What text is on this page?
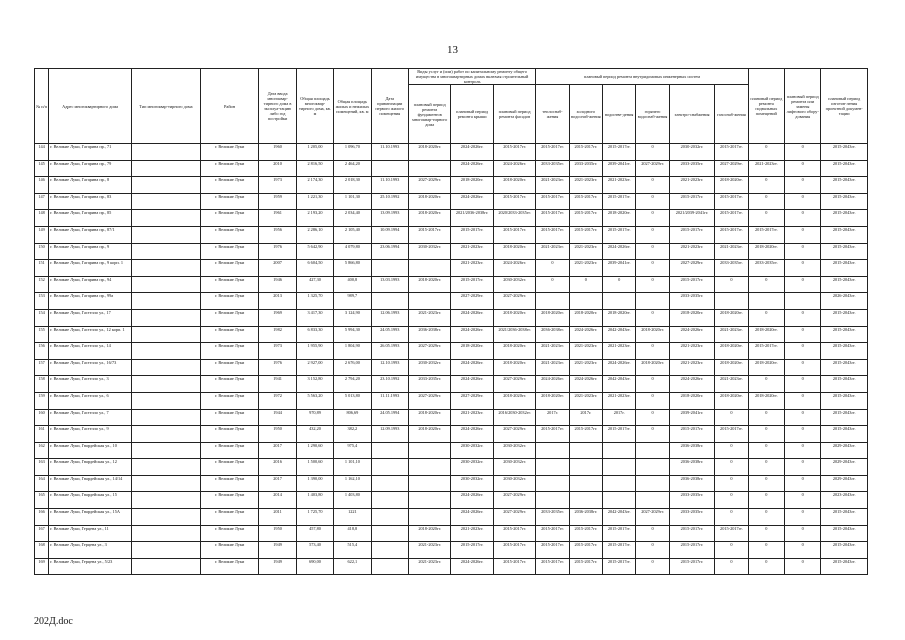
13
№ п/п	Адрес многоквартирного дома	Тип многоквар-тирного дома	Район	Дата ввода многоквар-тирного дома в эксплуа-тацию либо год постройки	Общая площадь многоквар-тирного дома, кв. м	Общая площадь жилых и нежилых помещений, кв. м	Дата приватизации первого жилого помещения	Виды услуг и (или) работ по капитальному ремонту общего имущества в многоквартирных домах включая строительный контроль			плановый период ремонта внутридомовых инженерных систем						плановый период ремонта подвальных помещений	плановый период ремонта или замены лифтового обору-дования	плановый период изготов-ления проектной докумен-тации
								плановый период ремонта фундаментов многоквар-тирного дома	плановый период ремонта крыши	плановый период ремонта фасадов	теплоснаб-жения	холодного водоснаб-жения	водоотве-дения	горячего водоснаб-жения	электро-снабжения	газоснаб-жения			
144	г. Великие Луки, Гагарина пр., 71		г. Великие Луки	1960	1 205,00	1 096,70	11.10.1993	2018-2020гг.	2024-2026гг.	2015-2017гг.	2015-2017гг.	2015-2017гг.	2015-2017гг.	0	2030-2032гг.	2015-2017гг.	0	0	2015-2043гг.
145	г. Великие Луки, Гагарина пр., 79		г. Великие Луки	2010	2 816,50	2 464,20			2024-2026гг.	2024-2026гг.	2033-2035гг.	2033-2035гг.	2039-2041гг.	2027-2029гг.	2033-2035гг.	2027-2029гг.	2021-2023гг.	0	2015-2043гг.
146	г. Великие Луки, Гагарина пр., 8		г. Великие Луки	1973	2 174,30	2 018,30	11.10.1993	2027-2029гг.	2018-2020гг.	2018-2020гг.	2021-2023гг.	2021-2023гг.	2021-2023гг.	0	2021-2023гг.	2018-2020гг.	0	0	2015-2043гг.
147	г. Великие Луки, Гагарина пр., 83		г. Великие Луки	1959	1 221,30	1 101,30	25.10.1992	2018-2020гг.	2024-2026гг.	2015-2017гг.	2015-2017гг.	2015-2017гг.	2015-2017гг.	0	2015-2017гг.	2015-2017гг.	0	0	2015-2043гг.
148	г. Великие Луки, Гагарина пр., 85		г. Великие Луки	1961	2 193,20	2 034,40	13.09.1993	2018-2020гг.	2021/2036-2038гг.	2020/2033-2035гг.	2015-2017гг.	2015-2017гг.	2018-2020гг.	0	2021/2039-2041гг.	2015-2017гг.	0	0	2015-2043гг.
149	г. Великие Луки, Гагарина пр., 87/1		г. Великие Луки	1956	2 286,10	2 105,40	10.09.1994	2015-2017гг.	2015-2017гг.	2015-2017гг.	2015-2017гг.	2015-2017гг.	2015-2017гг.	0	2015-2017гг.	2015-2017гг.	2015-2017гг.	0	2015-2043гг.
150	г. Великие Луки, Гагарина пр., 9		г. Великие Луки	1976	5 642,90	4 079,80	23.06.1994	2030-2032гг.	2021-2023гг.	2018-2020гг.	2021-2023гг.	2021-2023гг.	2024-2026гг.	0	2021-2023гг.	2021-2023гг.	2018-2020гг.	0	2015-2043гг.
151	г. Великие Луки, Гагарина пр., 9 корп. 1		г. Великие Луки	2007	6 604,50	5 866,80			2021-2023гг.	2024-2026гг.	0	2021-2023гг.	2039-2041гг.	0	2027-2029гг.	2033-2035гг.	2033-2035гг.	0	2015-2043гг.
152	г. Великие Луки, Гагарина пр., 94		г. Великие Луки	1946	427,30	400,8	13.03.1993	2018-2020гг.	2015-2017гг.	2030-2032гг.	0	0	0	0	2015-2017гг.	0	0	0	2015-2043гг.
153	г. Великие Луки, Гагарина пр., 99а		г. Великие Луки	2013	1 325,70	989,7			2027-2029гг.	2027-2029гг.					2033-2035гг.				2026-2043гг.
154	г. Великие Луки, Гастелло ул., 17		г. Великие Луки	1969	3 417,30	3 124,90	12.06.1993	2021-2023гг.	2024-2026гг.	2018-2020гг.	2018-2020гг.	2018-2020гг.	2018-2020гг.	0	2018-2020гг.	2018-2020гг.	0	0	2015-2043гг.
155	г. Великие Луки, Гастелло ул., 12 корп. 1		г. Великие Луки	1982	6 833,30	5 994,30	24.05.1993	2036-2038гг.	2024-2026гг.	2021/2036-2038гг.	2036-2038гг.	2024-2026гг.	2042-2043гг.	2018-2020гг.	2024-2026гг.	2021-2023гг.	2018-2020гг.	0	2015-2043гг.
156	г. Великие Луки, Гастелло ул., 14		г. Великие Луки	1973	1 955,90	1 804,90	26.05.1993	2027-2029гг.	2018-2020гг.	2018-2020гг.	2021-2023гг.	2021-2023гг.	2021-2023гг.	0	2021-2023гг.	2018-2020гг.	2015-2017гг.	0	2015-2043гг.
157	г. Великие Луки, Гастелло ул., 16/73		г. Великие Луки	1976	2 927,00	2 676,00	12.10.1993	2030-2032гг.	2024-2026гг.	2018-2020гг.	2021-2023гг.	2021-2023гг.	2024-2026гг.	2018-2020гг.	2021-2023гг.	2018-2020гг.	2018-2020гг.	0	2015-2043гг.
158	г. Великие Луки, Гастелло ул., 3		г. Великие Луки	1941	3 152,80	2 794,20	23.10.1992	2033-2035гг.	2024-2026гг.	2027-2029гг.	2024-2026гг.	2024-2026гг.	2042-2043гг.	0	2024-2026гг.	2021-2023гг.	0	0	2015-2043гг.
159	г. Великие Луки, Гастелло ул., 6		г. Великие Луки	1972	5 563,20	5 013,80	11.11.1993	2027-2029гг.	2027-2029гг.	2018-2020гг.	2018-2020гг.	2021-2023гг.	2021-2023гг.	0	2018-2020гг.	2018-2020гг.	2018-2020гг.	0	2015-2043гг.
160	г. Великие Луки, Гастелло ул., 7		г. Великие Луки	1944	970,89	806,69	24.05.1994	2018-2020гг.	2021-2023гг.	2016/2030-2032гг.	2017г.	2017г.	2017г.	0	2039-2041гг.	0	0	0	2015-2043гг.
161	г. Великие Луки, Гастелло ул., 9		г. Великие Луки	1950	432,20	382,2	12.09.1993	2018-2020гг.	2024-2026гг.	2027-2029гг.	2015-2017гг.	2015-2017гг.	2015-2017гг.	0	2015-2017гг.	2015-2017гг.	0	0	2015-2043гг.
162	г. Великие Луки, Гвардейская ул., 10		г. Великие Луки	2017	1 290,60	975,4			2030-2032гг.	2030-2032гг.					2036-2038гг.	0	0	0	2029-2043гг.
163	г. Великие Луки, Гвардейская ул., 12		г. Великие Луки	2016	1 500,60	1 101,10			2030-2032гг.	2030-2032гг.					2036-2038гг.	0	0	0	2029-2043гг.
164	г. Великие Луки, Гвардейская ул., 14/14		г. Великие Луки	2017	1 390,00	1 162,10			2030-2032гг.	2030-2032гг.					2036-2038гг.	0	0	0	2029-2043гг.
165	г. Великие Луки, Гвардейская ул., 15		г. Великие Луки	2014	1 403,80	1 403,80			2024-2026гг.	2027-2029гг.					2033-2035гг.	0	0	0	2023-2043гг.
166	г. Великие Луки, Гвардейская ул., 15А		г. Великие Луки	2011	1 725,70	1221			2024-2026гг.	2027-2029гг.	2033-2035гг.	2036-2038гг.	2042-2043гг.	2027-2029гг.	2033-2035гг.	0	0	0	2015-2043гг.
167	г. Великие Луки, Герцена ул., 11		г. Великие Луки	1950	457,80	418,8		2018-2020гг.	2021-2023гг.	2015-2017гг.	2015-2017гг.	2015-2017гг.	2015-2017гг.	0	2015-2017гг.	2015-2017гг.	0	0	2015-2043гг.
168	г. Великие Луки, Герцена ул., 3		г. Великие Луки	1949	573,40	515,4		2021-2023гг.	2015-2017гг.	2015-2017гг.	2015-2017гг.	2015-2017гг.	2015-2017гг.	0	2015-2017гг.	0	0	0	2015-2043гг.
169	г. Великие Луки, Герцена ул., 5/23		г. Великие Луки	1949	690,00	622,1		2021-2023гг.	2024-2026гг.	2015-2017гг.	2015-2017гг.	2015-2017гг.	2015-2017гг.	0	2015-2017гг.	0	0	0	2015-2043гг.
202Д.doc
